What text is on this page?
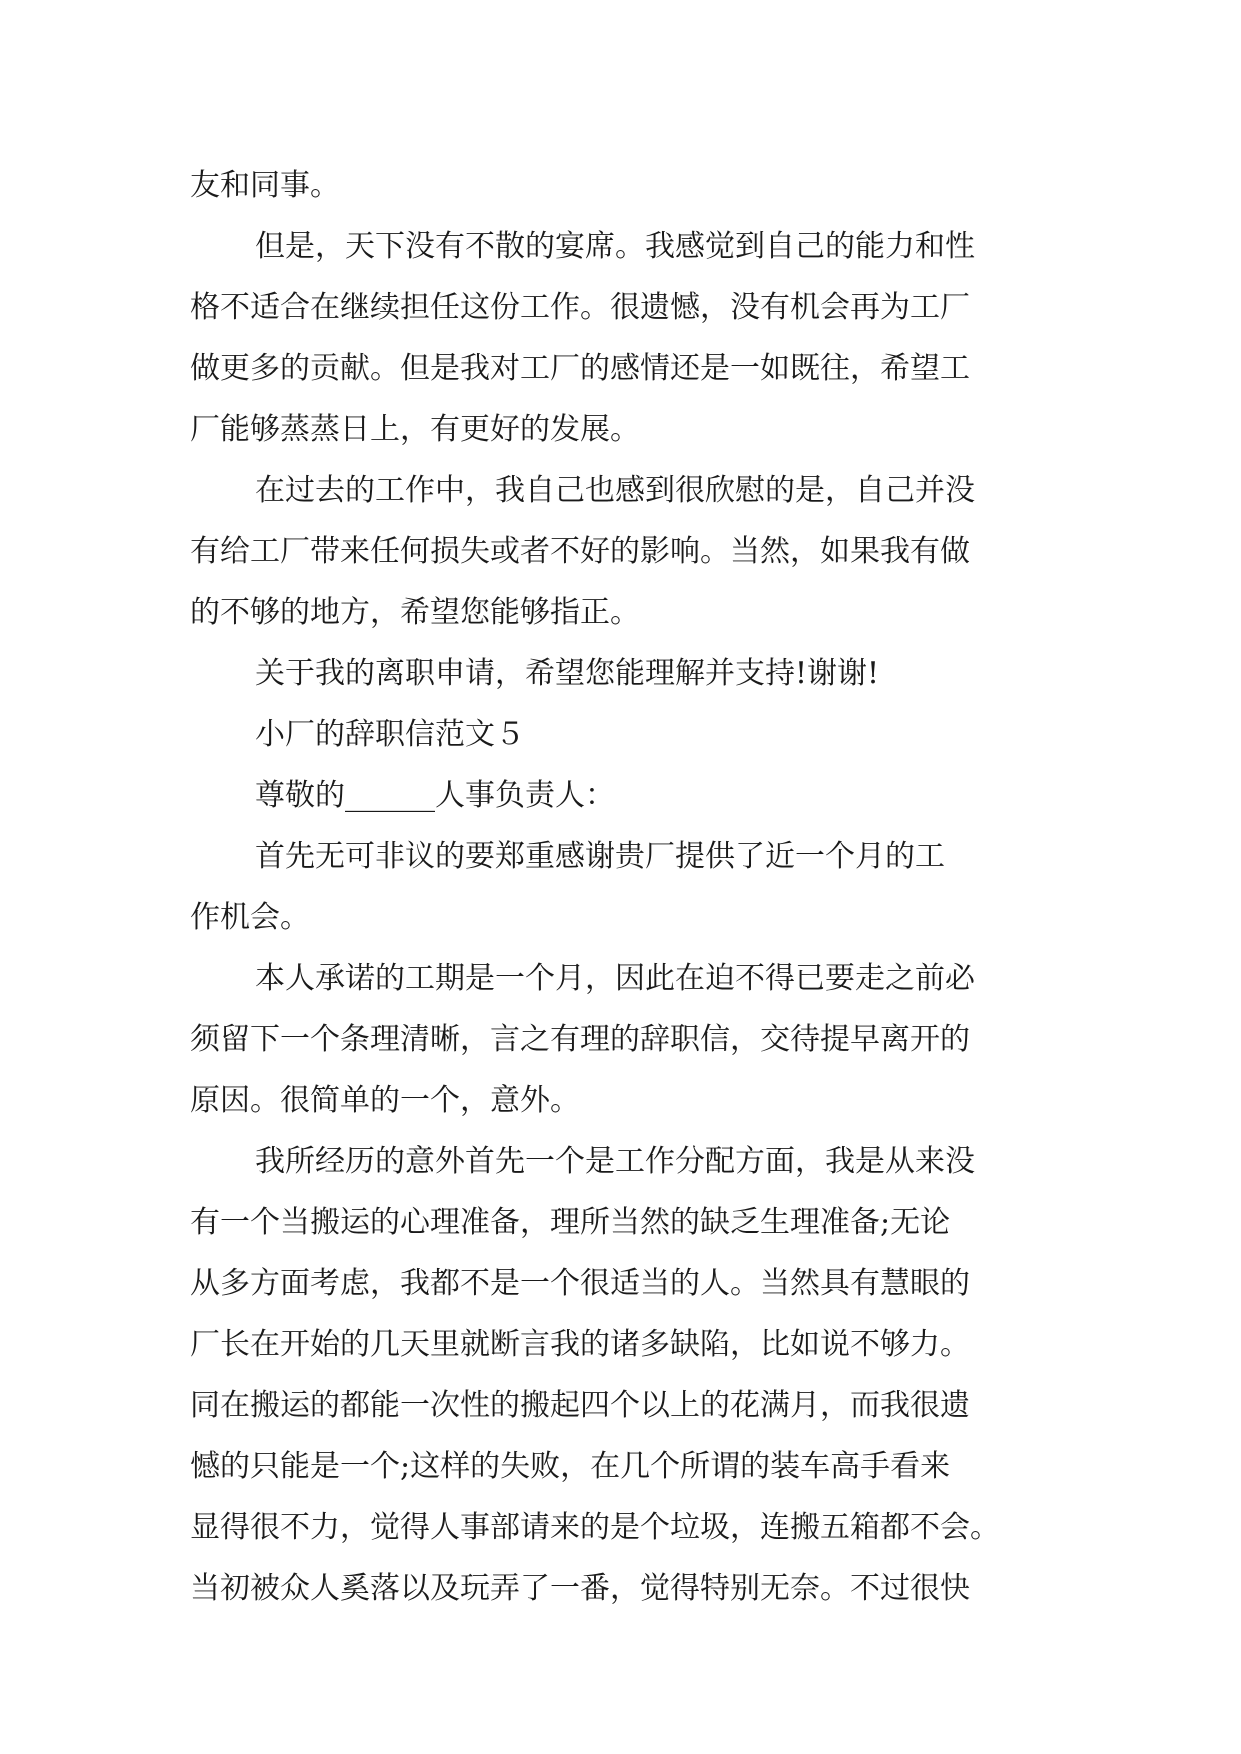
友和同事。
但是，天下没有不散的宴席。我感觉到自己的能力和性
格不适合在继续担任这份工作。很遗憾，没有机会再为工厂
做更多的贡献。但是我对工厂的感情还是一如既往，希望工
厂能够蒸蒸日上，有更好的发展。
在过去的工作中，我自己也感到很欣慰的是，自己并没
有给工厂带来任何损失或者不好的影响。当然，如果我有做
的不够的地方，希望您能够指正。
关于我的离职申请，希望您能理解并支持!谢谢!
小厂的辞职信范文５
尊敬的______人事负责人：
首先无可非议的要郑重感谢贵厂提供了近一个月的工
作机会。
本人承诺的工期是一个月，因此在迫不得已要走之前必
须留下一个条理清晰，言之有理的辞职信，交待提早离开的
原因。很简单的一个，意外。
我所经历的意外首先一个是工作分配方面，我是从来没
有一个当搬运的心理准备，理所当然的缺乏生理准备;无论
从多方面考虑，我都不是一个很适当的人。当然具有慧眼的
厂长在开始的几天里就断言我的诸多缺陷，比如说不够力。
同在搬运的都能一次性的搬起四个以上的花满月，而我很遗
憾的只能是一个;这样的失败，在几个所谓的装车高手看来
显得很不力，觉得人事部请来的是个垃圾，连搬五箱都不会。
当初被众人奚落以及玩弄了一番，觉得特别无奈。不过很快
